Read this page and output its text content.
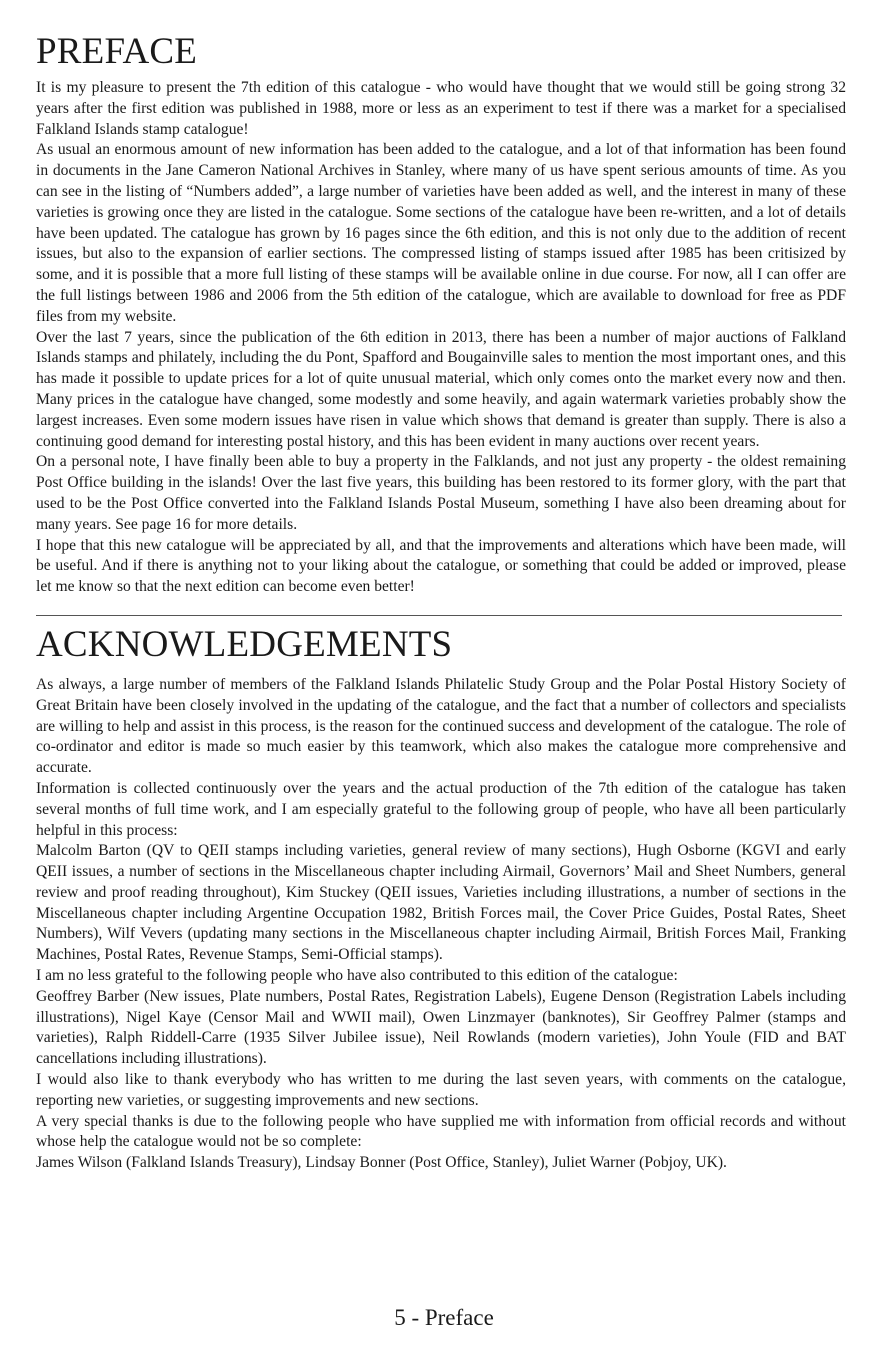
PREFACE

It is my pleasure to present the 7th edition of this catalogue - who would have thought that we would still be going strong 32 years after the first edition was published in 1988, more or less as an experiment to test if there was a market for a specialised Falkland Islands stamp catalogue!

As usual an enormous amount of new information has been added to the catalogue, and a lot of that information has been found in documents in the Jane Cameron National Archives in Stanley, where many of us have spent serious amounts of time. As you can see in the listing of “Numbers added”, a large number of varieties have been added as well, and the interest in many of these varieties is growing once they are listed in the catalogue. Some sections of the catalogue have been re-written, and a lot of details have been updated. The catalogue has grown by 16 pages since the 6th edition, and this is not only due to the addition of recent issues, but also to the expansion of earlier sections. The compressed listing of stamps issued after 1985 has been critisized by some, and it is possible that a more full listing of these stamps will be available online in due course. For now, all I can offer are the full listings between 1986 and 2006 from the 5th edition of the catalogue, which are available to download for free as PDF files from my website.

Over the last 7 years, since the publication of the 6th edition in 2013, there has been a number of major auctions of Falkland Islands stamps and philately, including the du Pont, Spafford and Bougainville sales to mention the most important ones, and this has made it possible to update prices for a lot of quite unusual material, which only comes onto the market every now and then. Many prices in the catalogue have changed, some modestly and some heavily, and again watermark varieties probably show the largest increases. Even some modern issues have risen in value which shows that demand is greater than supply. There is also a continuing good demand for interesting postal history, and this has been evident in many auctions over recent years.

On a personal note, I have finally been able to buy a property in the Falklands, and not just any property - the oldest remaining Post Office building in the islands! Over the last five years, this building has been restored to its former glory, with the part that used to be the Post Office converted into the Falkland Islands Postal Museum, something I have also been dreaming about for many years. See page 16 for more details.

I hope that this new catalogue will be appreciated by all, and that the improvements and alterations which have been made, will be useful. And if there is anything not to your liking about the catalogue, or something that could be added or improved, please let me know so that the next edition can become even better!

ACKNOWLEDGEMENTS

As always, a large number of members of the Falkland Islands Philatelic Study Group and the Polar Postal History Society of Great Britain have been closely involved in the updating of the catalogue, and the fact that a number of collectors and specialists are willing to help and assist in this process, is the reason for the continued success and development of the catalogue. The role of co-ordinator and editor is made so much easier by this teamwork, which also makes the catalogue more comprehensive and accurate.

Information is collected continuously over the years and the actual production of the 7th edition of the catalogue has taken several months of full time work, and I am especially grateful to the following group of people, who have all been particularly helpful in this process:

Malcolm Barton (QV to QEII stamps including varieties, general review of many sections), Hugh Osborne (KGVI and early QEII issues, a number of sections in the Miscellaneous chapter including Airmail, Governors’ Mail and Sheet Numbers, general review and proof reading throughout), Kim Stuckey (QEII issues, Varieties including illustrations, a number of sections in the Miscellaneous chapter including Argentine Occupation 1982, British Forces mail, the Cover Price Guides, Postal Rates, Sheet Numbers), Wilf Vevers (updating many sections in the Miscellaneous chapter including Airmail, British Forces Mail, Franking Machines, Postal Rates, Revenue Stamps, Semi-Official stamps).

I am no less grateful to the following people who have also contributed to this edition of the catalogue:

Geoffrey Barber (New issues, Plate numbers, Postal Rates, Registration Labels), Eugene Denson (Registration Labels including illustrations), Nigel Kaye (Censor Mail and WWII mail), Owen Linzmayer (banknotes), Sir Geoffrey Palmer (stamps and varieties), Ralph Riddell-Carre (1935 Silver Jubilee issue), Neil Rowlands (modern varieties), John Youle (FID and BAT cancellations including illustrations).

I would also like to thank everybody who has written to me during the last seven years, with comments on the catalogue, reporting new varieties, or suggesting improvements and new sections.

A very special thanks is due to the following people who have supplied me with information from official records and without whose help the catalogue would not be so complete:

James Wilson (Falkland Islands Treasury), Lindsay Bonner (Post Office, Stanley), Juliet Warner (Pobjoy, UK).

5 - Preface
